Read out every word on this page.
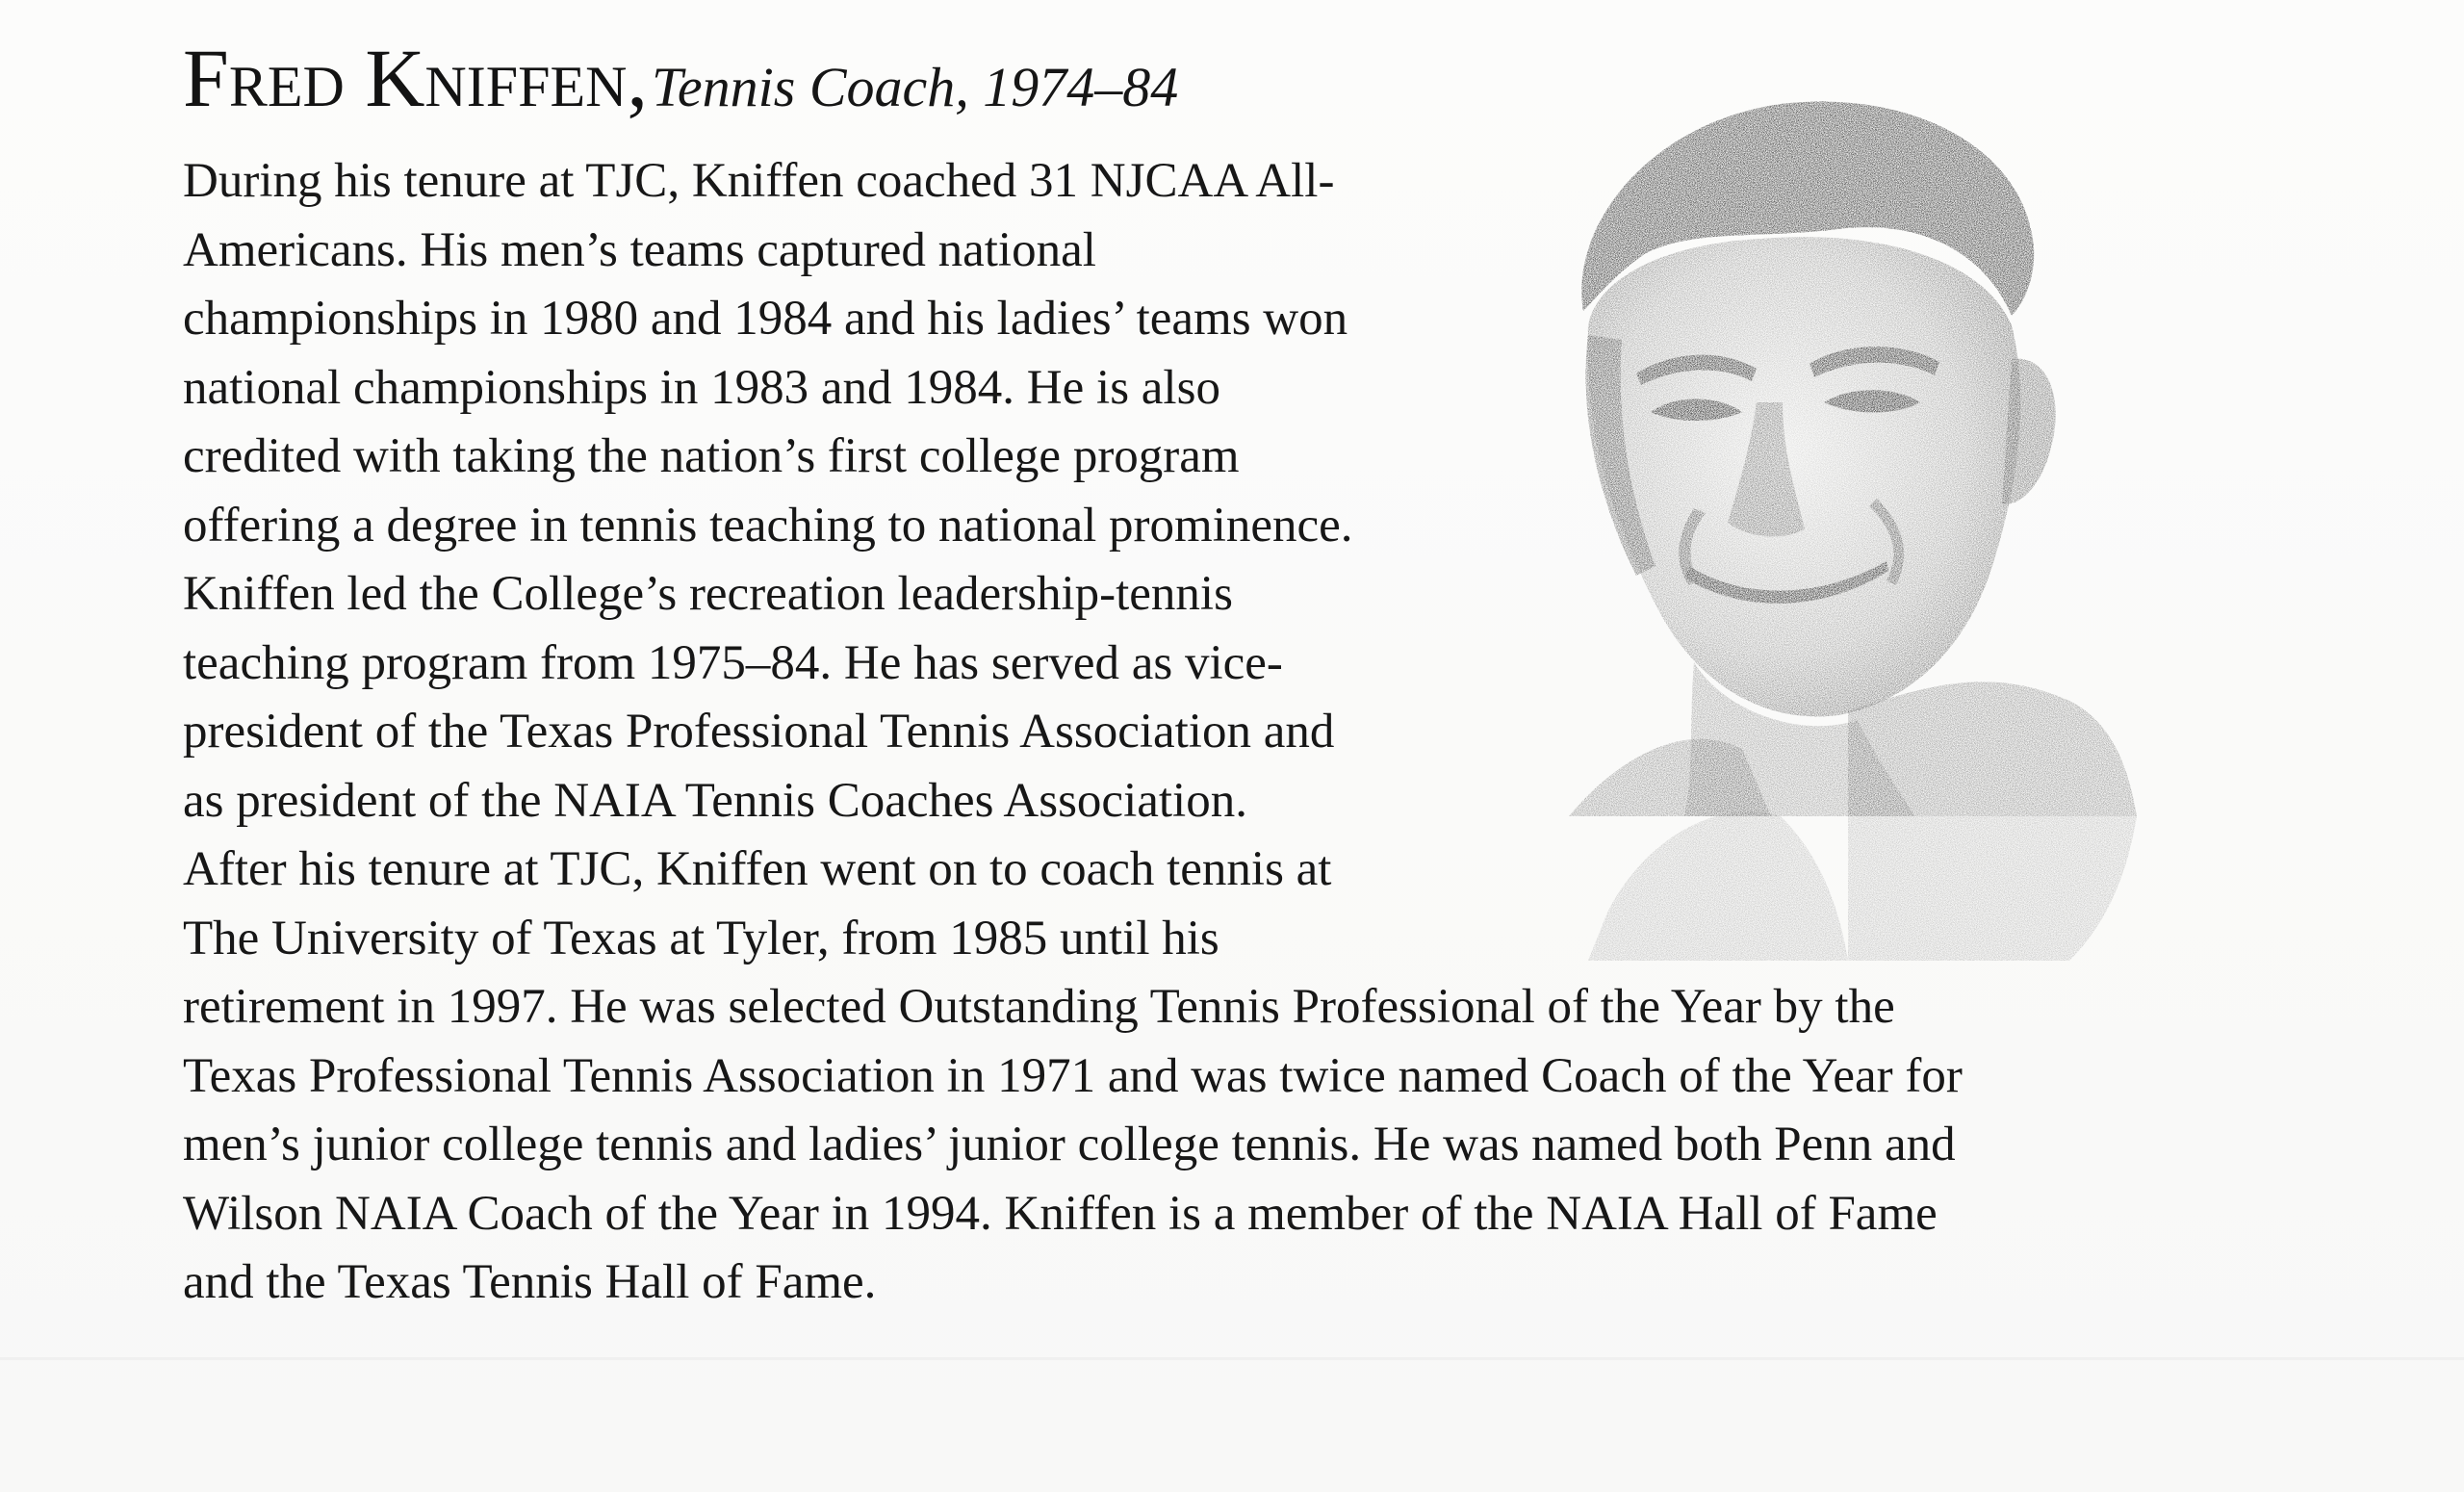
Fred Kniffen, Tennis Coach, 1974–84
During his tenure at TJC, Kniffen coached 31 NJCAA All-
Americans. His men’s teams captured national
championships in 1980 and 1984 and his ladies’ teams won
national championships in 1983 and 1984. He is also
credited with taking the nation’s first college program
offering a degree in tennis teaching to national prominence.
Kniffen led the College’s recreation leadership-tennis
teaching program from 1975–84. He has served as vice-
president of the Texas Professional Tennis Association and
as president of the NAIA Tennis Coaches Association.
After his tenure at TJC, Kniffen went on to coach tennis at
The University of Texas at Tyler, from 1985 until his
retirement in 1997. He was selected Outstanding Tennis Professional of the Year by the
Texas Professional Tennis Association in 1971 and was twice named Coach of the Year for
men’s junior college tennis and ladies’ junior college tennis. He was named both Penn and
Wilson NAIA Coach of the Year in 1994. Kniffen is a member of the NAIA Hall of Fame
and the Texas Tennis Hall of Fame.
